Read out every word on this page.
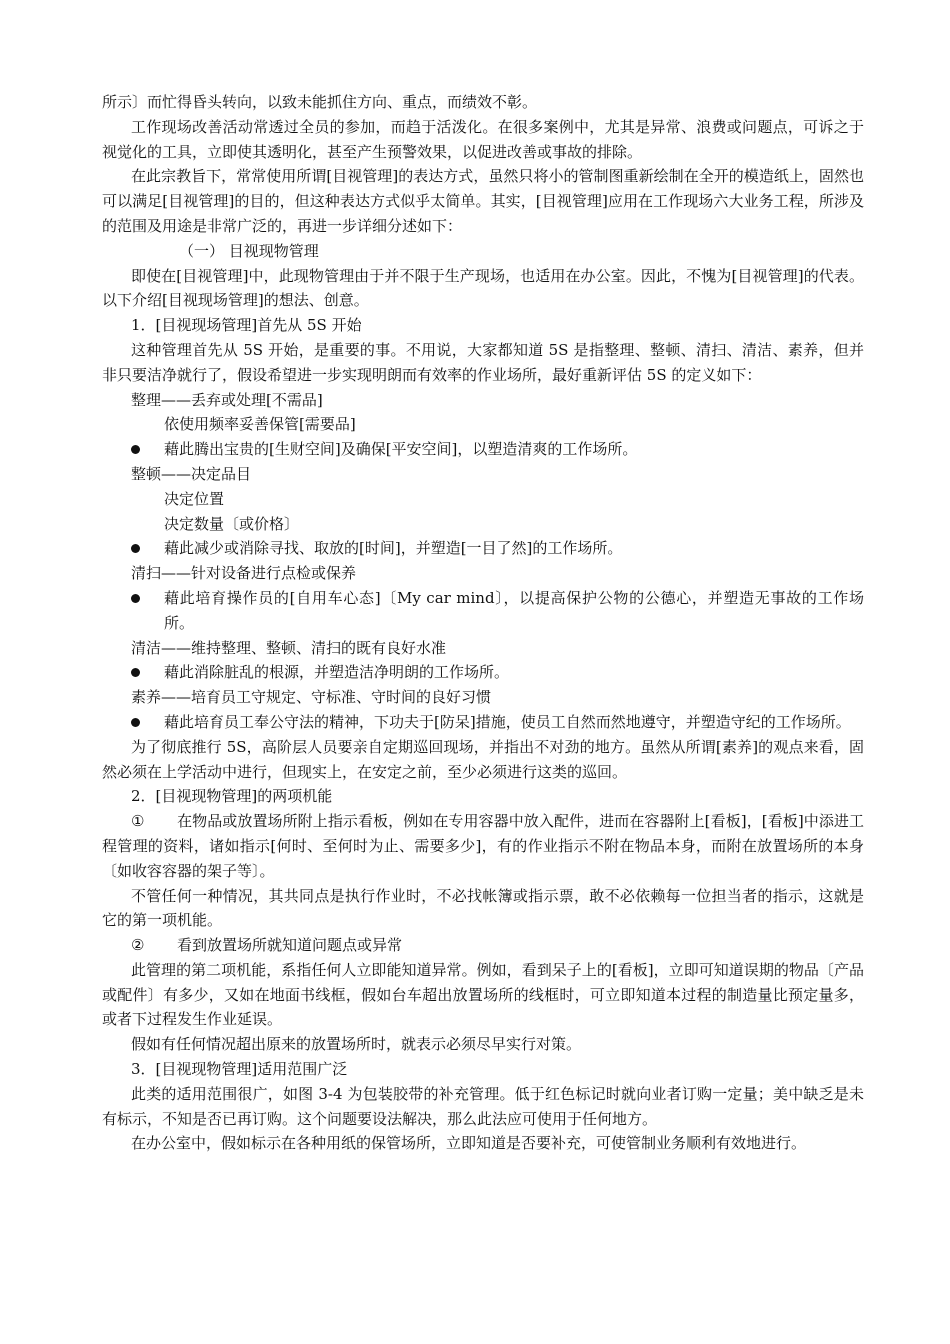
所示〕而忙得昏头转向，以致未能抓住方向、重点，而绩效不彰。

工作现场改善活动常透过全员的参加，而趋于活泼化。在很多案例中，尤其是异常、浪费或问题点，可诉之于视觉化的工具，立即使其透明化，甚至产生预警效果，以促进改善或事故的排除。

在此宗教旨下，常常使用所谓[目视管理]的表达方式，虽然只将小的管制图重新绘制在全开的模造纸上，固然也可以满足[目视管理]的目的，但这种表达方式似乎太简单。其实，[目视管理]应用在工作现场六大业务工程，所涉及的范围及用途是非常广泛的，再进一步详细分述如下：

（一） 目视现物管理

即使在[目视管理]中，此现物管理由于并不限于生产现场，也适用在办公室。因此，不愧为[目视管理]的代表。以下介绍[目视现场管理]的想法、创意。

1．[目视现场管理]首先从 5S 开始

这种管理首先从 5S 开始，是重要的事。不用说，大家都知道 5S 是指整理、整顿、清扫、清洁、素养，但并非只要洁净就行了，假设希望进一步实现明朗而有效率的作业场所，最好重新评估 5S 的定义如下：

整理——丢弃或处理[不需品]

依使用频率妥善保管[需要品]

藉此腾出宝贵的[生财空间]及确保[平安空间]，以塑造清爽的工作场所。

整顿——决定品目

决定位置

决定数量〔或价格〕

藉此减少或消除寻找、取放的[时间]，并塑造[一目了然]的工作场所。

清扫——针对设备进行点检或保养

藉此培育操作员的[自用车心态]〔My car mind〕，以提高保护公物的公德心，并塑造无事故的工作场所。

清洁——维持整理、整顿、清扫的既有良好水准

藉此消除脏乱的根源，并塑造洁净明朗的工作场所。

素养——培育员工守规定、守标准、守时间的良好习惯

藉此培育员工奉公守法的精神，下功夫于[防呆]措施，使员工自然而然地遵守，并塑造守纪的工作场所。

为了彻底推行 5S，高阶层人员要亲自定期巡回现场，并指出不对劲的地方。虽然从所谓[素养]的观点来看，固然必须在上学活动中进行，但现实上，在安定之前，至少必须进行这类的巡回。

2．[目视现物管理]的两项机能

① 在物品或放置场所附上指示看板，例如在专用容器中放入配件，进而在容器附上[看板]，[看板]中添进工程管理的资料，诸如指示[何时、至何时为止、需要多少]，有的作业指示不附在物品本身，而附在放置场所的本身〔如收容容器的架子等〕。

不管任何一种情况，其共同点是执行作业时，不必找帐簿或指示票，敢不必依赖每一位担当者的指示，这就是它的第一项机能。

② 看到放置场所就知道问题点或异常

此管理的第二项机能，系指任何人立即能知道异常。例如，看到呆子上的[看板]，立即可知道误期的物品〔产品或配件〕有多少，又如在地面书线框，假如台车超出放置场所的线框时，可立即知道本过程的制造量比预定量多，或者下过程发生作业延误。

假如有任何情况超出原来的放置场所时，就表示必须尽早实行对策。

3．[目视现物管理]适用范围广泛

此类的适用范围很广，如图 3-4 为包装胶带的补充管理。低于红色标记时就向业者订购一定量；美中缺乏是未有标示，不知是否已再订购。这个问题要设法解决，那么此法应可使用于任何地方。

在办公室中，假如标示在各种用纸的保管场所，立即知道是否要补充，可使管制业务顺利有效地进行。
